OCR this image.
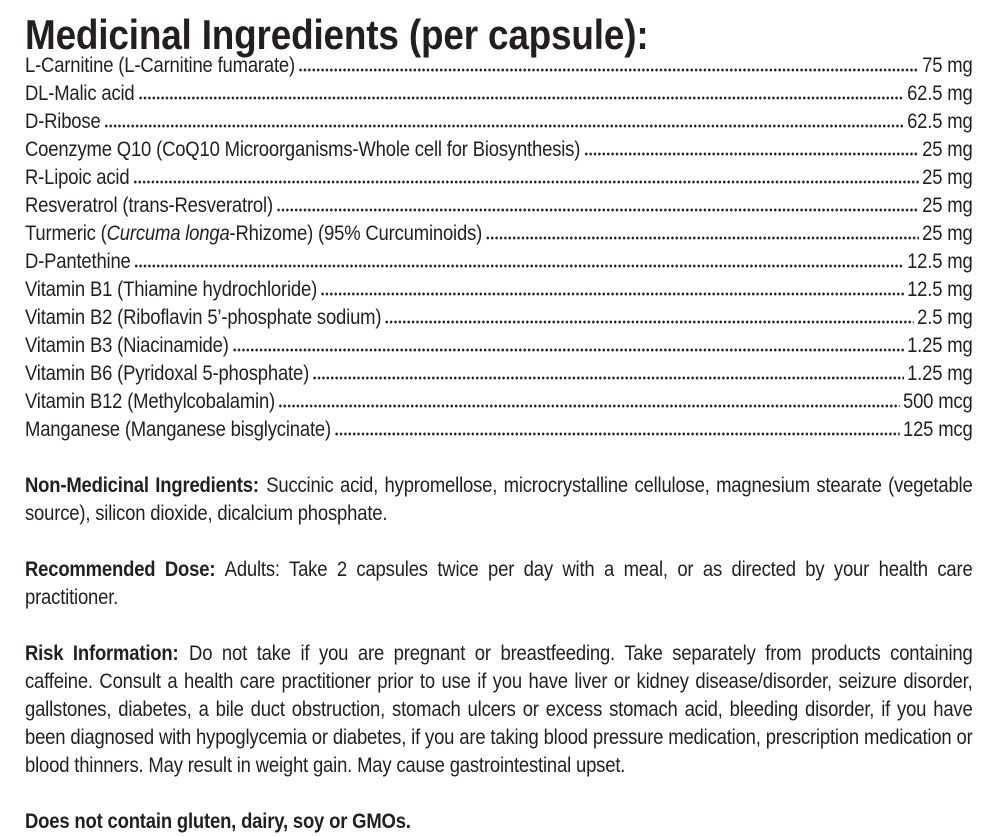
Medicinal Ingredients (per capsule):
L-Carnitine (L-Carnitine fumarate)	75 mg
DL-Malic acid	62.5 mg
D-Ribose	62.5 mg
Coenzyme Q10 (CoQ10 Microorganisms-Whole cell for Biosynthesis)	25 mg
R-Lipoic acid	25 mg
Resveratrol (trans-Resveratrol)	25 mg
Turmeric (Curcuma longa-Rhizome) (95% Curcuminoids)	25 mg
D-Pantethine	12.5 mg
Vitamin B1 (Thiamine hydrochloride)	12.5 mg
Vitamin B2 (Riboflavin 5’-phosphate sodium)	2.5 mg
Vitamin B3 (Niacinamide)	1.25 mg
Vitamin B6 (Pyridoxal 5-phosphate)	1.25 mg
Vitamin B12 (Methylcobalamin)	500 mcg
Manganese (Manganese bisglycinate)	125 mcg

Non-Medicinal Ingredients: Succinic acid, hypromellose, microcrystalline cellulose, magnesium stearate (vegetable source), silicon dioxide, dicalcium phosphate.

Recommended Dose: Adults: Take 2 capsules twice per day with a meal, or as directed by your health care practitioner.

Risk Information: Do not take if you are pregnant or breastfeeding. Take separately from products containing caffeine. Consult a health care practitioner prior to use if you have liver or kidney disease/disorder, seizure disorder, gallstones, diabetes, a bile duct obstruction, stomach ulcers or excess stomach acid, bleeding disorder, if you have been diagnosed with hypoglycemia or diabetes, if you are taking blood pressure medication, prescription medication or blood thinners. May result in weight gain. May cause gastrointestinal upset.

Does not contain gluten, dairy, soy or GMOs.
